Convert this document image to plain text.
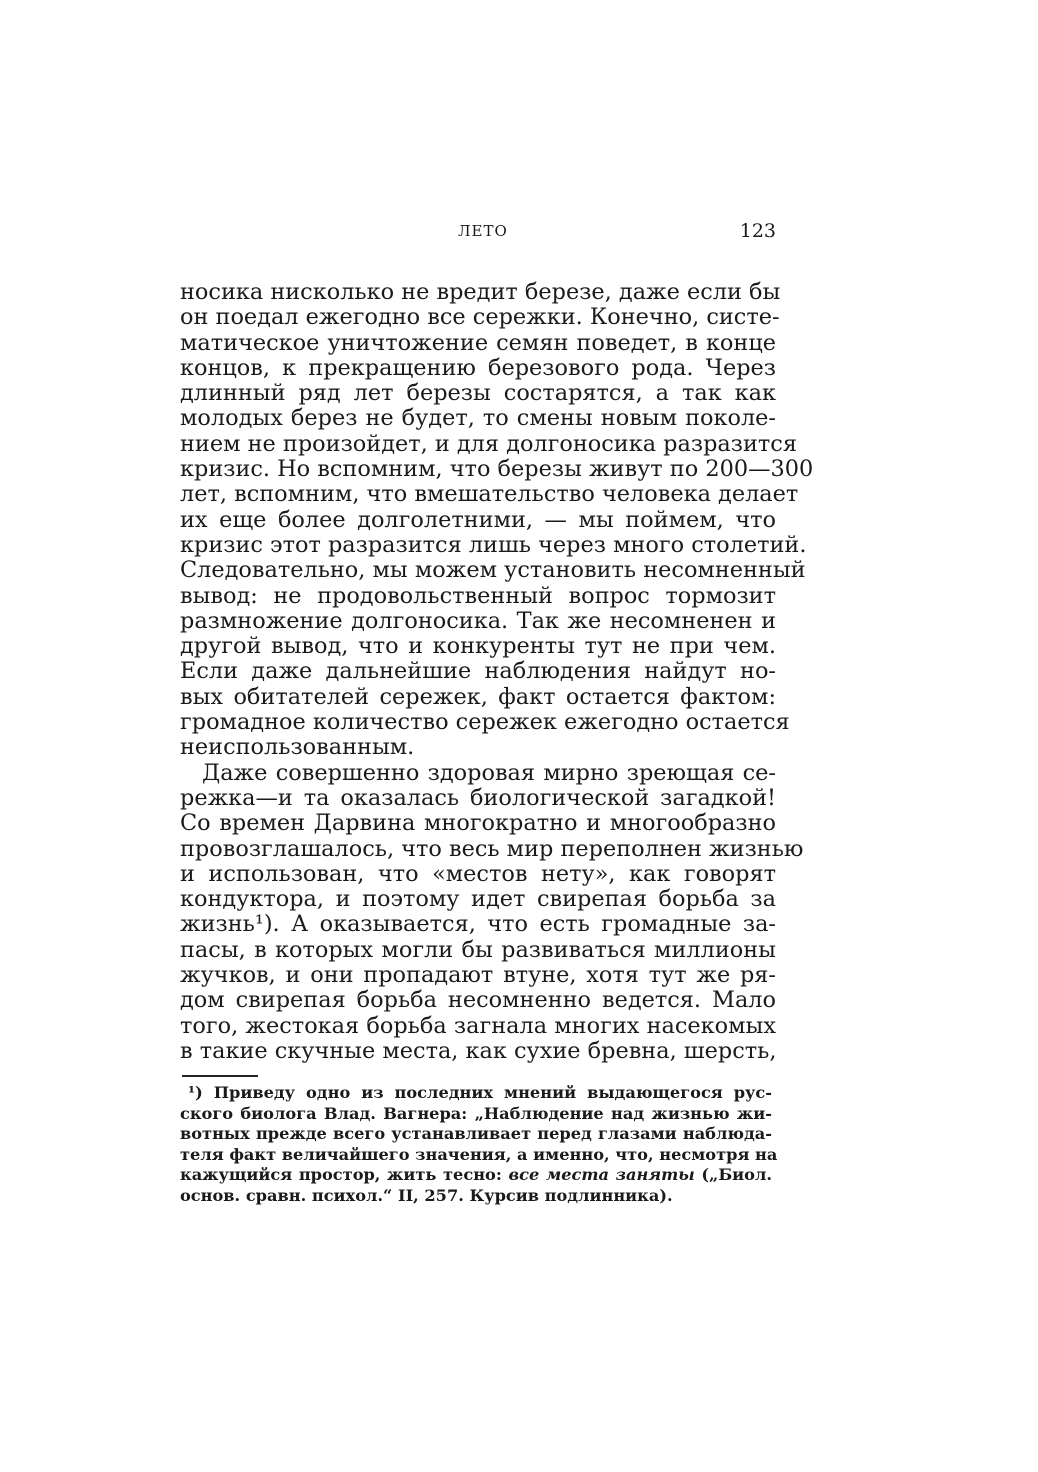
ЛЕТО	123
носика нисколько не вредит березе, даже если бы
он поедал ежегодно все сережки. Конечно, систе-
матическое уничтожение семян поведет, в конце
концов, к прекращению березового рода. Через
длинный ряд лет березы состарятся, а так как
молодых берез не будет, то смены новым поколе-
нием не произойдет, и для долгоносика разразится
кризис. Но вспомним, что березы живут по 200—300
лет, вспомним, что вмешательство человека делает
их еще более долголетними, — мы поймем, что
кризис этот разразится лишь через много столетий.
Следовательно, мы можем установить несомненный
вывод: не продовольственный вопрос тормозит
размножение долгоносика. Так же несомненен и
другой вывод, что и конкуренты тут не при чем.
Если даже дальнейшие наблюдения найдут но-
вых обитателей сережек, факт остается фактом:
громадное количество сережек ежегодно остается
неиспользованным.
Даже совершенно здоровая мирно зреющая се-
режка—и та оказалась биологической загадкой!
Со времен Дарвина многократно и многообразно
провозглашалось, что весь мир переполнен жизнью
и использован, что «местов нету», как говорят
кондуктора, и поэтому идет свирепая борьба за
жизнь¹). А оказывается, что есть громадные за-
пасы, в которых могли бы развиваться миллионы
жучков, и они пропадают втуне, хотя тут же ря-
дом свирепая борьба несомненно ведется. Мало
того, жестокая борьба загнала многих насекомых
в такие скучные места, как сухие бревна, шерсть,
¹) Приведу одно из последних мнений выдающегося рус-
ского биолога Влад. Вагнера: „Наблюдение над жизнью жи-
вотных прежде всего устанавливает перед глазами наблюда-
теля факт величайшего значения, а именно, что, несмотря на
кажущийся простор, жить тесно: все места заняты („Биол.
основ. сравн. психол.“ II, 257. Курсив подлинника).
